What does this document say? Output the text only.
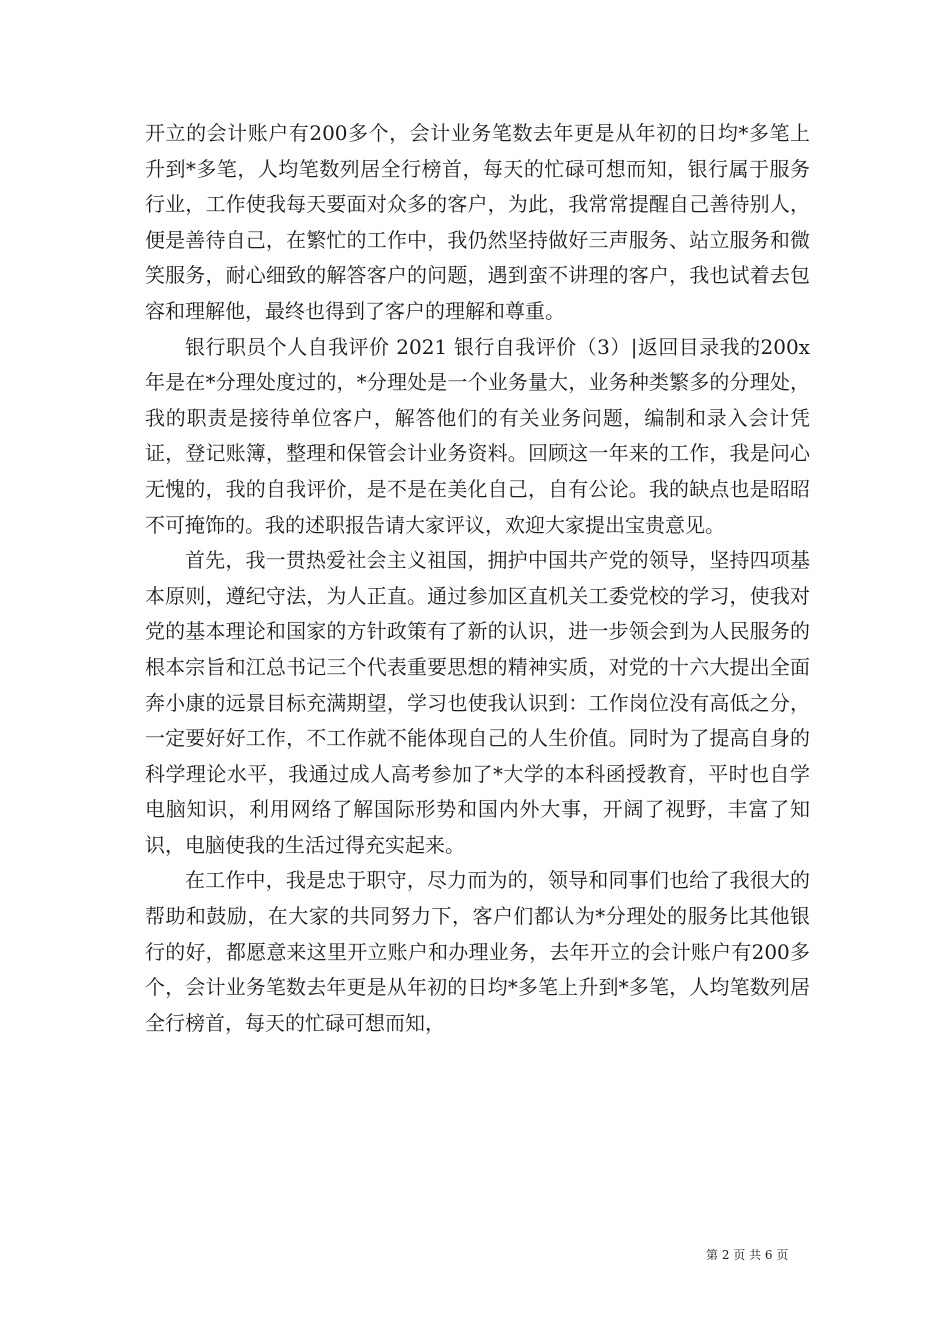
开立的会计账户有200多个，会计业务笔数去年更是从年初的日均*多笔上升到*多笔，人均笔数列居全行榜首，每天的忙碌可想而知，银行属于服务行业，工作使我每天要面对众多的客户，为此，我常常提醒自己善待别人，便是善待自己，在繁忙的工作中，我仍然坚持做好三声服务、站立服务和微笑服务，耐心细致的解答客户的问题，遇到蛮不讲理的客户，我也试着去包容和理解他，最终也得到了客户的理解和尊重。

银行职员个人自我评价 2021 银行自我评价（3）|返回目录我的200x年是在*分理处度过的，*分理处是一个业务量大，业务种类繁多的分理处，我的职责是接待单位客户，解答他们的有关业务问题，编制和录入会计凭证，登记账簿，整理和保管会计业务资料。回顾这一年来的工作，我是问心无愧的，我的自我评价，是不是在美化自己，自有公论。我的缺点也是昭昭不可掩饰的。我的述职报告请大家评议，欢迎大家提出宝贵意见。

首先，我一贯热爱社会主义祖国，拥护中国共产党的领导，坚持四项基本原则，遵纪守法，为人正直。通过参加区直机关工委党校的学习，使我对党的基本理论和国家的方针政策有了新的认识，进一步领会到为人民服务的根本宗旨和江总书记三个代表重要思想的精神实质，对党的十六大提出全面奔小康的远景目标充满期望，学习也使我认识到：工作岗位没有高低之分，一定要好好工作，不工作就不能体现自己的人生价值。同时为了提高自身的科学理论水平，我通过成人高考参加了*大学的本科函授教育，平时也自学电脑知识，利用网络了解国际形势和国内外大事，开阔了视野，丰富了知识，电脑使我的生活过得充实起来。

在工作中，我是忠于职守，尽力而为的，领导和同事们也给了我很大的帮助和鼓励，在大家的共同努力下，客户们都认为*分理处的服务比其他银行的好，都愿意来这里开立账户和办理业务，去年开立的会计账户有200多个，会计业务笔数去年更是从年初的日均*多笔上升到*多笔，人均笔数列居全行榜首，每天的忙碌可想而知，

第 2 页 共 6 页
